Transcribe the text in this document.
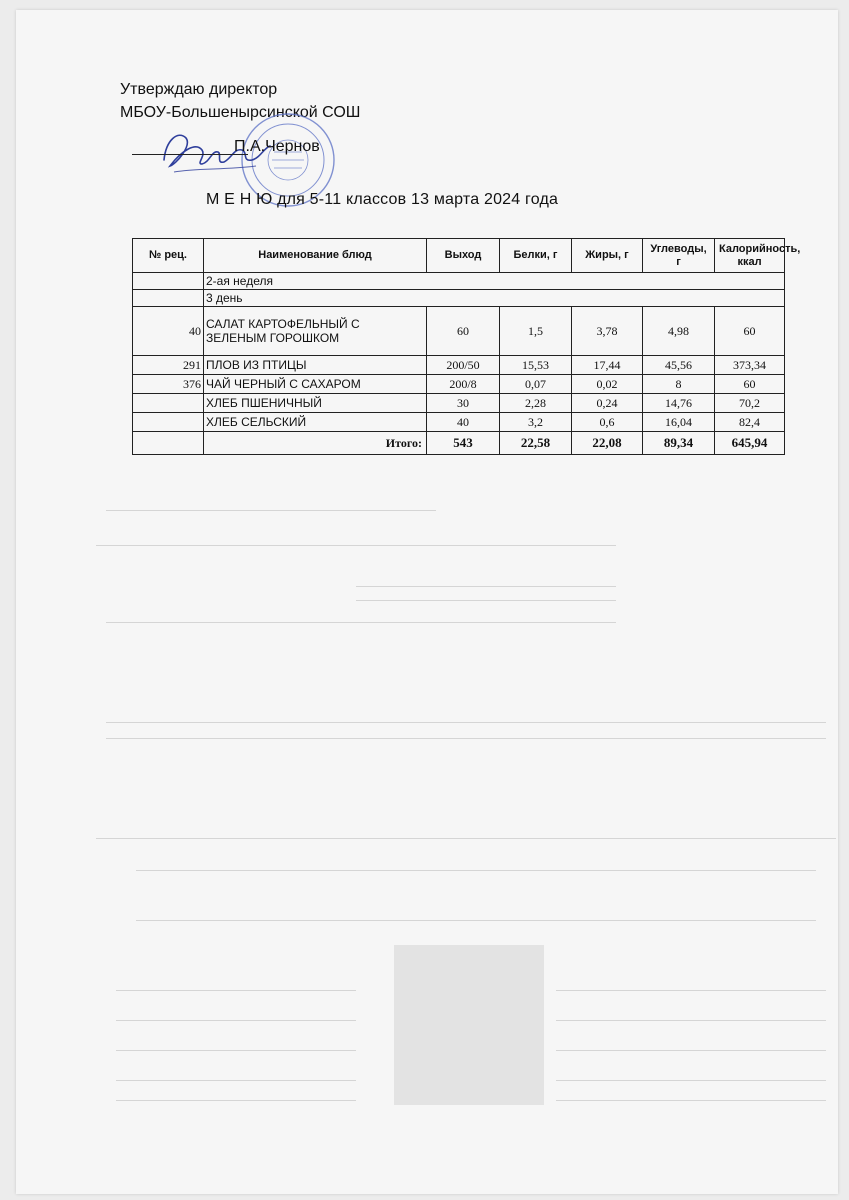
Утверждаю директор
МБОУ-Большенырсинской СОШ
П.А.Чернов
М Е Н Ю для 5-11 классов 13 марта 2024 года
№ рец.	Наименование блюд	Выход	Белки, г	Жиры, г	Углеводы, г	Калорийность, ккал
	2-ая неделя					
	3 день					
40	САЛАТ КАРТОФЕЛЬНЫЙ С ЗЕЛЕНЫМ ГОРОШКОМ	60	1,5	3,78	4,98	60
291	ПЛОВ ИЗ ПТИЦЫ	200/50	15,53	17,44	45,56	373,34
376	ЧАЙ ЧЕРНЫЙ С САХАРОМ	200/8	0,07	0,02	8	60
	ХЛЕБ ПШЕНИЧНЫЙ	30	2,28	0,24	14,76	70,2
	ХЛЕБ СЕЛЬСКИЙ	40	3,2	0,6	16,04	82,4
	Итого:	543	22,58	22,08	89,34	645,94
